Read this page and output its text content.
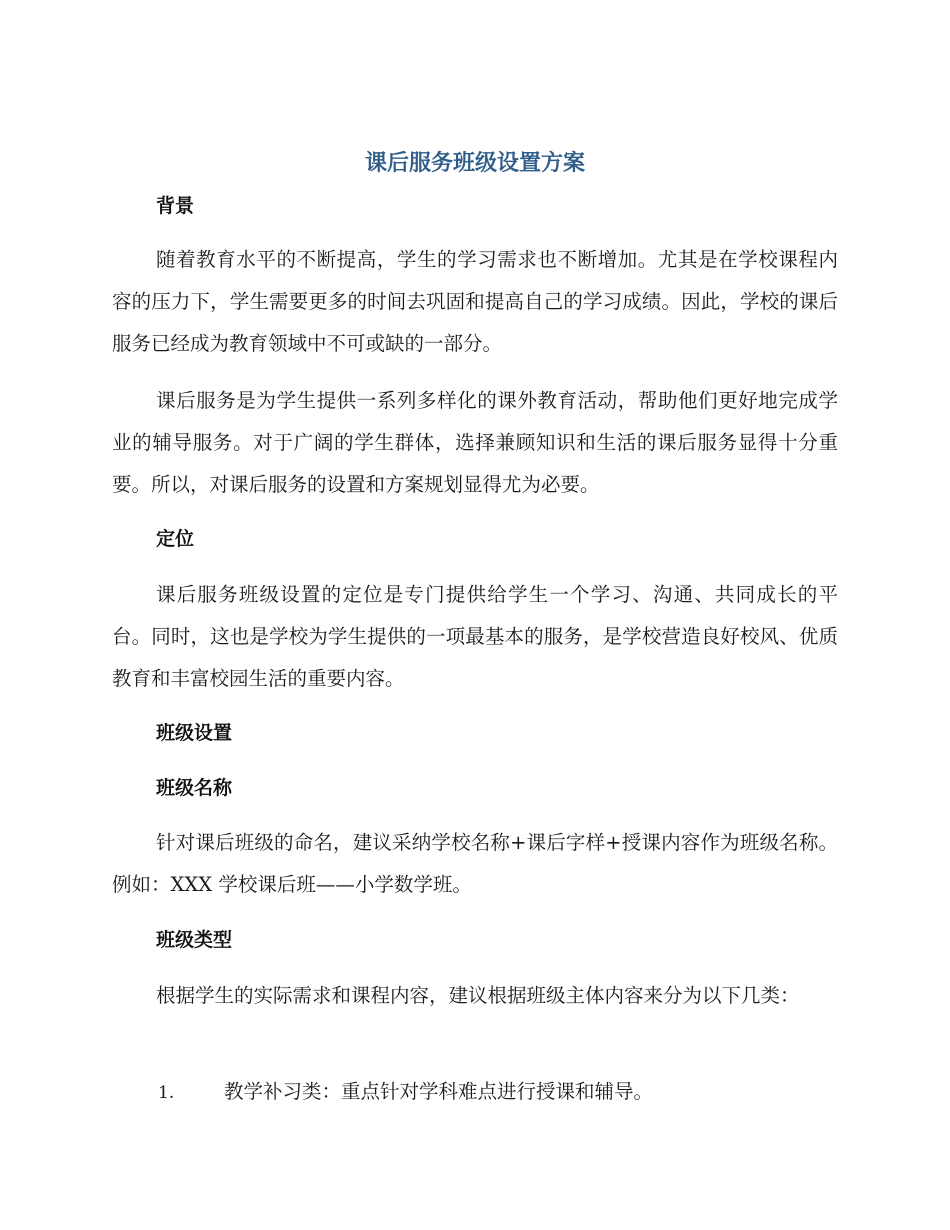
课后服务班级设置方案
背景

随着教育水平的不断提高，学生的学习需求也不断增加。尤其是在学校课程内容的压力下，学生需要更多的时间去巩固和提高自己的学习成绩。因此，学校的课后服务已经成为教育领域中不可或缺的一部分。

课后服务是为学生提供一系列多样化的课外教育活动，帮助他们更好地完成学业的辅导服务。对于广阔的学生群体，选择兼顾知识和生活的课后服务显得十分重要。所以，对课后服务的设置和方案规划显得尤为必要。

定位

课后服务班级设置的定位是专门提供给学生一个学习、沟通、共同成长的平台。同时，这也是学校为学生提供的一项最基本的服务，是学校营造良好校风、优质教育和丰富校园生活的重要内容。

班级设置
班级名称

针对课后班级的命名，建议采纳学校名称+课后字样+授课内容作为班级名称。例如：XXX 学校课后班——小学数学班。

班级类型

根据学生的实际需求和课程内容，建议根据班级主体内容来分为以下几类：

1.	教学补习类：重点针对学科难点进行授课和辅导。
